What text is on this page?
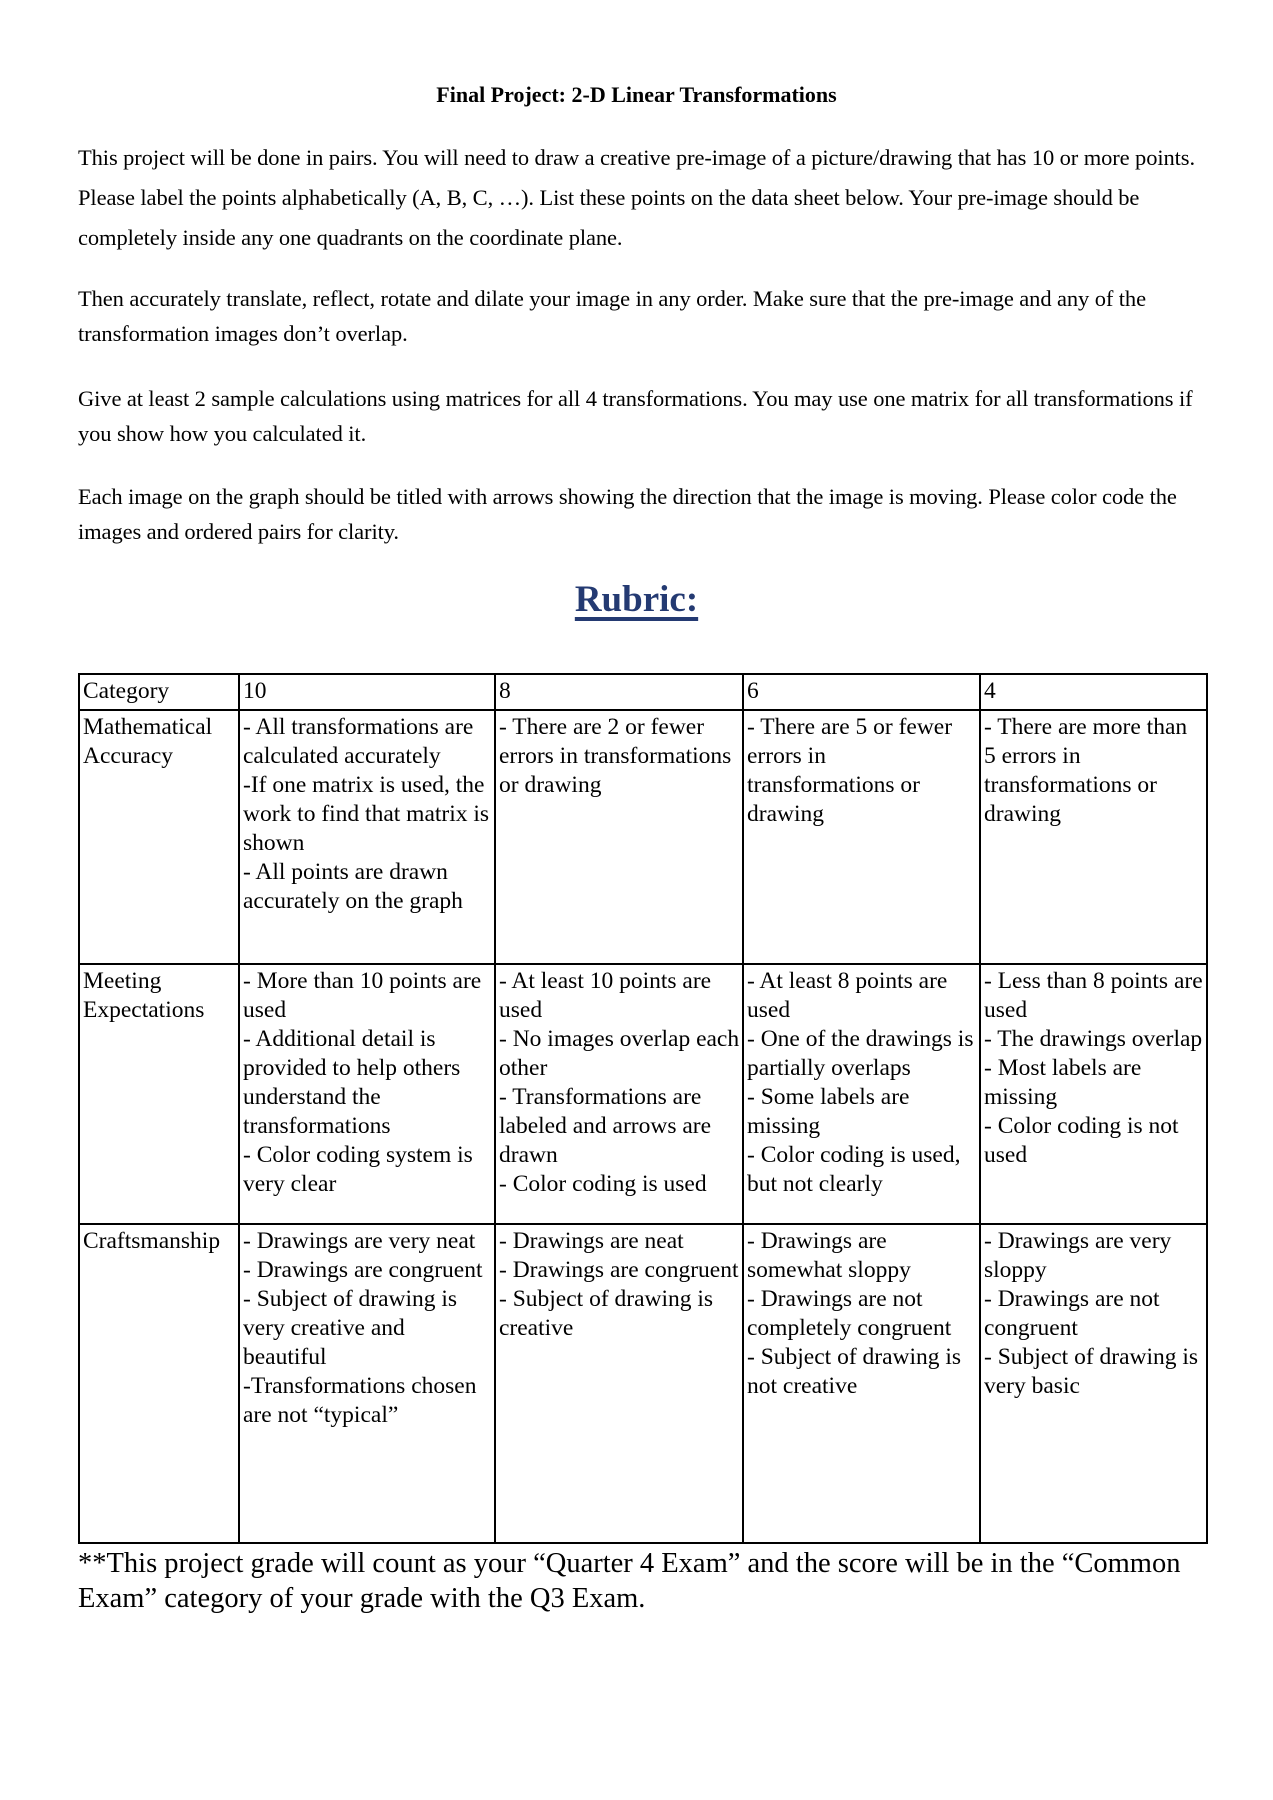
Final Project: 2-D Linear Transformations
This project will be done in pairs. You will need to draw a creative pre-image of a picture/drawing that has 10 or more points. Please label the points alphabetically (A, B, C, …). List these points on the data sheet below. Your pre-image should be completely inside any one quadrants on the coordinate plane.
Then accurately translate, reflect, rotate and dilate your image in any order. Make sure that the pre-image and any of the transformation images don’t overlap.
Give at least 2 sample calculations using matrices for all 4 transformations. You may use one matrix for all transformations if you show how you calculated it.
Each image on the graph should be titled with arrows showing the direction that the image is moving. Please color code the images and ordered pairs for clarity.
Rubric:
Category	10	8	6	4
Mathematical Accuracy	- All transformations are calculated accurately
-If one matrix is used, the work to find that matrix is shown
- All points are drawn accurately on the graph	- There are 2 or fewer errors in transformations or drawing	- There are 5 or fewer errors in transformations or drawing	- There are more than 5 errors in transformations or drawing

Meeting Expectations	- More than 10 points are used
- Additional detail is provided to help others understand the transformations
- Color coding system is very clear	- At least 10 points are used
- No images overlap each other
- Transformations are labeled and arrows are drawn
- Color coding is used	- At least 8 points are used
- One of the drawings is partially overlaps
- Some labels are missing
- Color coding is used, but not clearly	- Less than 8 points are used
- The drawings overlap
- Most labels are missing
- Color coding is not used

Craftsmanship	- Drawings are very neat
- Drawings are congruent
- Subject of drawing is very creative and beautiful
-Transformations chosen are not “typical”	- Drawings are neat
- Drawings are congruent
- Subject of drawing is creative	- Drawings are somewhat sloppy
- Drawings are not completely congruent
- Subject of drawing is not creative	- Drawings are very sloppy
- Drawings are not congruent
- Subject of drawing is very basic
**This project grade will count as your “Quarter 4 Exam” and the score will be in the “Common Exam” category of your grade with the Q3 Exam.
